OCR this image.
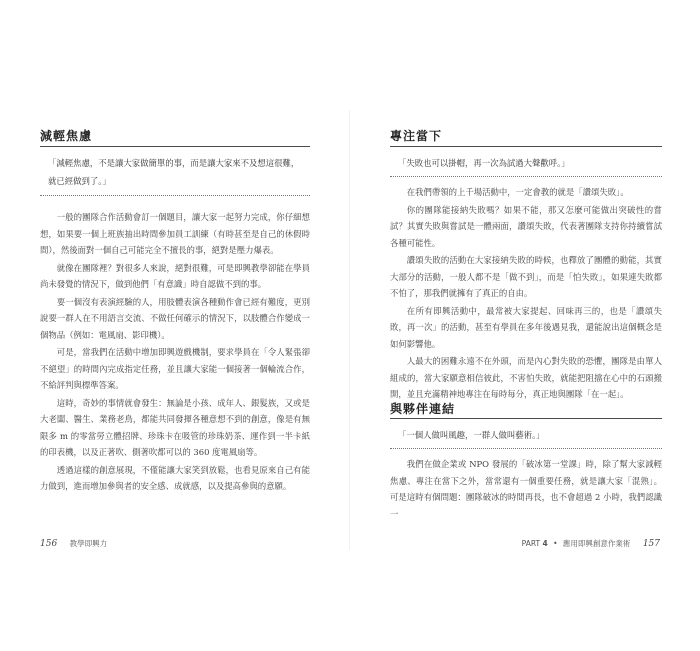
減輕焦慮
「減輕焦慮，不是讓大家做簡單的事，而是讓大家來不及想這很難，就已經做到了。」

一般的團隊合作活動會訂一個題目，讓大家一起努力完成，你仔細想想，如果要一個上班族抽出時間參加員工訓練（有時甚至是自己的休假時間），然後面對一個自己可能完全不擅長的事，絕對是壓力爆表。

就像在團隊裡？對很多人來說，絕對很難，可是即興教學卻能在學員尚未發覺的情況下，做到他們「有意識」時自認做不到的事。

要一個沒有表演經驗的人，用肢體表演各種動作會已經有難度，更別說要一群人在不用語言交流、不做任何確示的情況下，以肢體合作變成一個物品（例如：電風扇、影印機）。

可是，當我們在活動中增加即興遊戲機制，要求學員在「令人緊張卻不絕望」的時間內完成指定任務，並且讓大家能一個接著一個輪流合作，不給評判與標準答案。

這時，奇妙的事情就會發生：無論是小孩、成年人、銀髮族，又或是大老闆、醫生、業務老鳥，都能共同發揮各種意想不到的創意，像是有無限多 m 的零當勞立體招牌、珍珠卡在吸管的珍珠奶茶、運作到一半卡紙的印表機，以及正著吹、側著吹都可以的 360 度電風扇等。

透過這樣的創意展現，不僅能讓大家笑到放鬆，也看見原來自己有能力做到，進而增加參與者的安全感、成就感，以及提高參與的意願。

156 教學即興力
專注當下
「失敗也可以掛帽，再一次為試過大聲歡呼。」

在我們帶領的上千場活動中，一定會教的就是「讚頌失敗」。

你的團隊能接納失敗嗎？如果不能，那又怎麼可能做出突破性的嘗試？其實失敗與嘗試是一體兩面，讚頌失敗，代表著團隊支持你持續嘗試各種可能性。

讚頌失敗的活動在大家接納失敗的時候，也釋放了團體的動能，其實大部分的活動，一般人都不是「做不到」，而是「怕失敗」，如果連失敗都不怕了，那我們就擁有了真正的自由。

在所有即興活動中，最常被大家提起、回味再三的，也是「讚頌失敗，再一次」的活動，甚至有學員在多年後遇見我，還能說出這個概念是如何影響他。

人最大的困難永遠不在外頭，而是內心對失敗的恐懼，團隊是由單人組成的，當大家願意相信彼此，不害怕失敗，就能把阻擋在心中的石頭搬開，並且充滿精神地專注在每時每分，真正地與團隊「在一起」。

與夥伴連結
「一個人做叫風趣，一群人做叫藝術。」

我們在做企業或 NPO 發展的「破冰第一堂課」時，除了幫大家減輕焦慮、專注在當下之外，當常還有一個重要任務，就是讓大家「混熟」。可是這時有個問題：團隊破冰的時間再長，也不會超過 2 小時，我們認識一

PART 4 • 應用即興創意作業術 157
